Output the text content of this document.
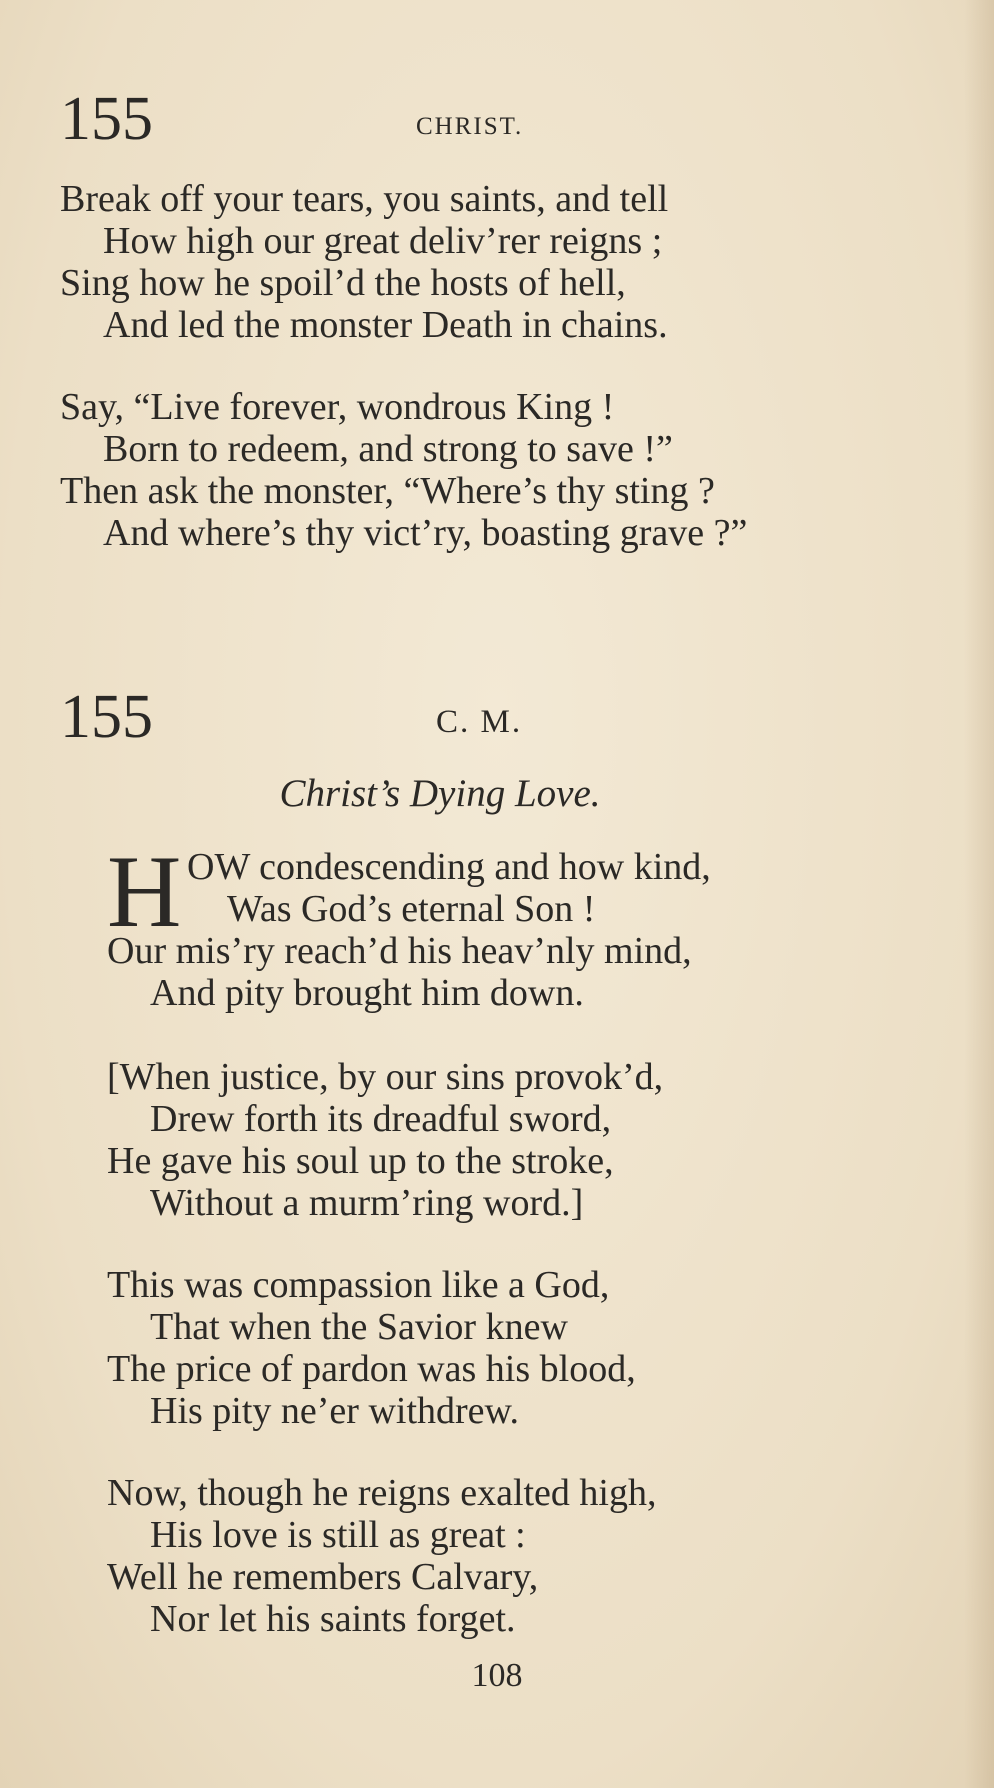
155	CHRIST.
Break off your tears, you saints, and tell
How high our great deliv’rer reigns ;
Sing how he spoil’d the hosts of hell,
And led the monster Death in chains.
Say, “Live forever, wondrous King !
Born to redeem, and strong to save !”
Then ask the monster, “Where’s thy sting ?
And where’s thy vict’ry, boasting grave ?”
155	C. M.
Christ’s Dying Love.
H OW condescending and how kind,
Was God’s eternal Son !
Our mis’ry reach’d his heav’nly mind,
And pity brought him down.
[When justice, by our sins provok’d,
Drew forth its dreadful sword,
He gave his soul up to the stroke,
Without a murm’ring word.]
This was compassion like a God,
That when the Savior knew
The price of pardon was his blood,
His pity ne’er withdrew.
Now, though he reigns exalted high,
His love is still as great :
Well he remembers Calvary,
Nor let his saints forget.
108
